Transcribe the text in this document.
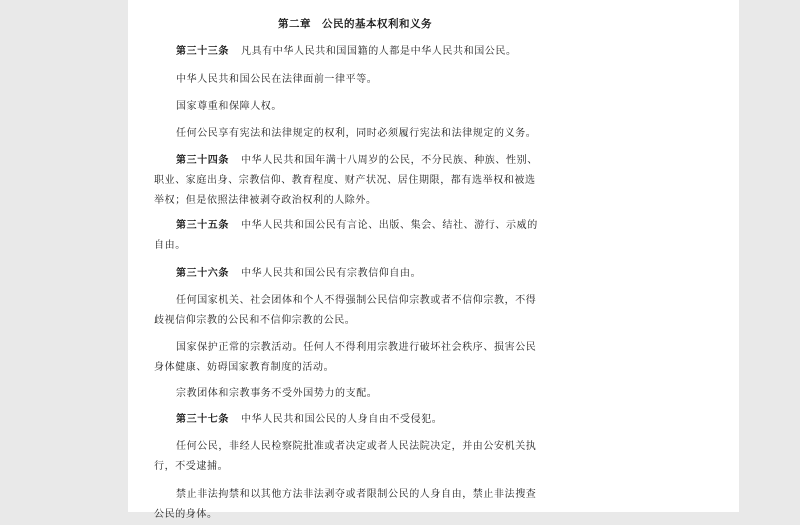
第二章　公民的基本权利和义务
第三十三条 凡具有中华人民共和国国籍的人都是中华人民共和国公民。
中华人民共和国公民在法律面前一律平等。
国家尊重和保障人权。
任何公民享有宪法和法律规定的权利，同时必须履行宪法和法律规定的义务。
第三十四条 中华人民共和国年满十八周岁的公民，不分民族、种族、性别、职业、家庭出身、宗教信仰、教育程度、财产状况、居住期限，都有选举权和被选举权；但是依照法律被剥夺政治权利的人除外。
第三十五条 中华人民共和国公民有言论、出版、集会、结社、游行、示威的自由。
第三十六条 中华人民共和国公民有宗教信仰自由。
任何国家机关、社会团体和个人不得强制公民信仰宗教或者不信仰宗教，不得歧视信仰宗教的公民和不信仰宗教的公民。
国家保护正常的宗教活动。任何人不得利用宗教进行破坏社会秩序、损害公民身体健康、妨碍国家教育制度的活动。
宗教团体和宗教事务不受外国势力的支配。
第三十七条 中华人民共和国公民的人身自由不受侵犯。
任何公民，非经人民检察院批准或者决定或者人民法院决定，并由公安机关执行，不受逮捕。
禁止非法拘禁和以其他方法非法剥夺或者限制公民的人身自由，禁止非法搜查公民的身体。
